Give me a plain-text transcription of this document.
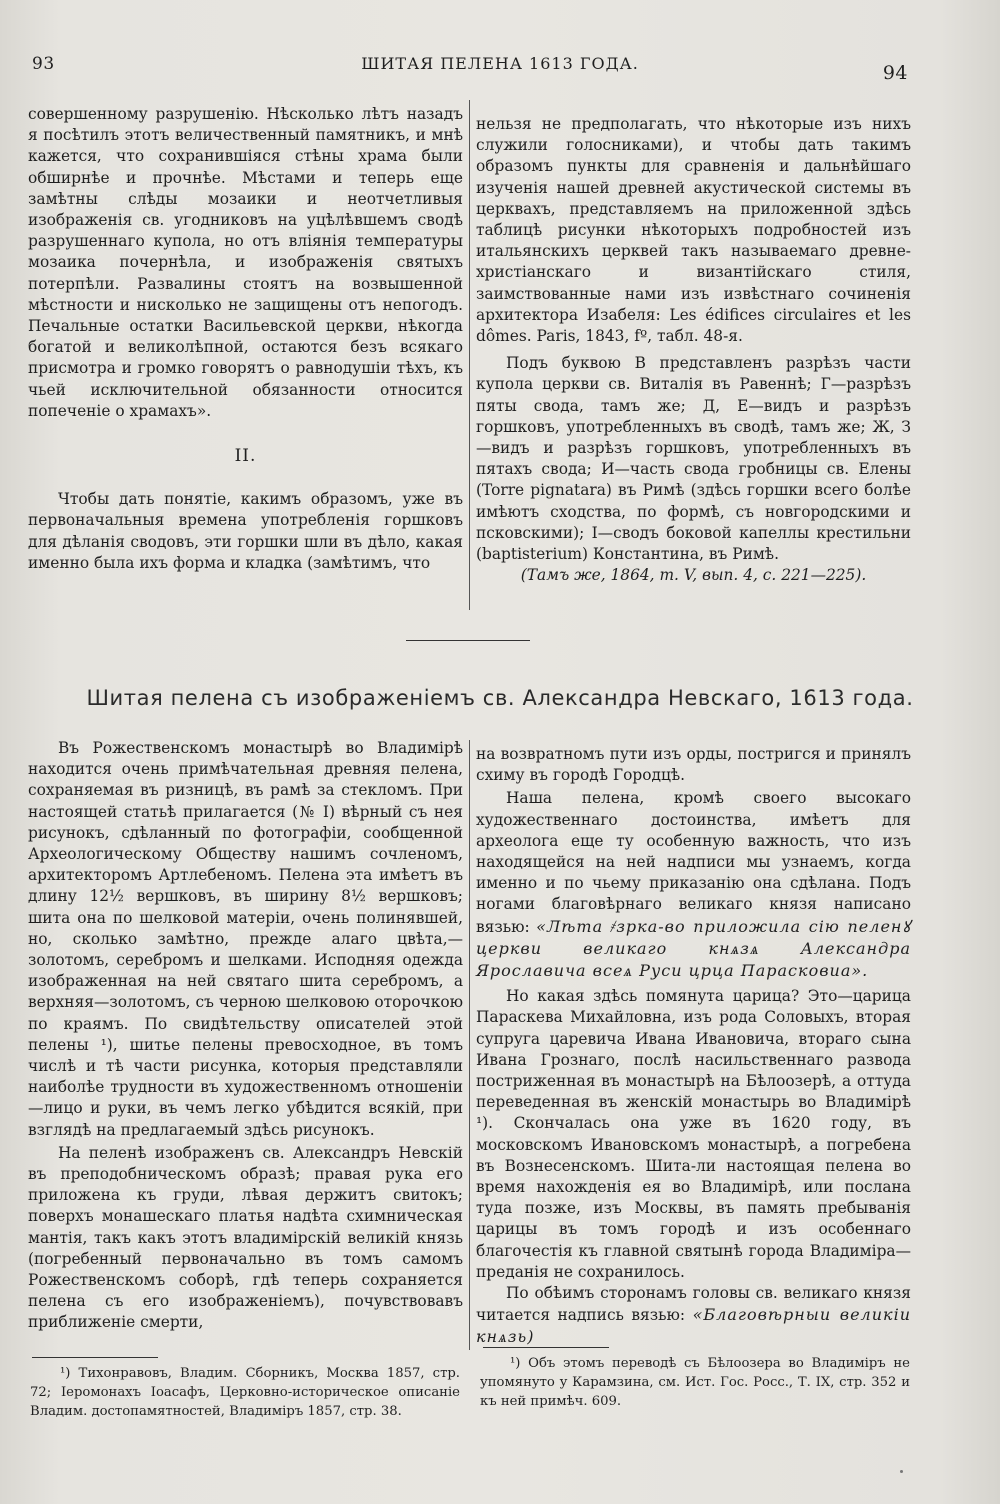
93	ШИТАЯ ПЕЛЕНА 1613 ГОДА.	94

совершенному разрушенію. Нѣсколько лѣтъ назадъ я посѣтилъ этотъ величественный памятникъ, и мнѣ кажется, что сохранившіяся стѣны храма были обширнѣе и прочнѣе. Мѣстами и теперь еще замѣтны слѣды мозаики и неотчетливыя изображенія св. угодниковъ на уцѣлѣвшемъ сводѣ разрушеннаго купола, но отъ вліянія температуры мозаика почернѣла, и изображенія святыхъ потерпѣли. Развалины стоятъ на возвышенной мѣстности и нисколько не защищены отъ непогодъ. Печальные остатки Васильевской церкви, нѣкогда богатой и великолѣпной, остаются безъ всякаго присмотра и громко говорятъ о равнодушіи тѣхъ, къ чьей исключительной обязанности относится попеченіе о храмахъ».

II.

Чтобы дать понятіе, какимъ образомъ, уже въ первоначальныя времена употребленія горшковъ для дѣланія сводовъ, эти горшки шли въ дѣло, какая именно была ихъ форма и кладка (замѣтимъ, что

нельзя не предполагать, что нѣкоторые изъ нихъ служили голосниками), и чтобы дать такимъ образомъ пункты для сравненія и дальнѣйшаго изученія нашей древней акустической системы въ церквахъ, представляемъ на приложенной здѣсь таблицѣ рисунки нѣкоторыхъ подробностей изъ итальянскихъ церквей такъ называемаго древне-христіанскаго и византійскаго стиля, заимствованные нами изъ извѣстнаго сочиненія архитектора Изабеля: Les édifices circulaires et les dômes. Paris, 1843, fº, табл. 48-я.

Подъ буквою В представленъ разрѣзъ части купола церкви св. Виталія въ Равеннѣ; Г—разрѣзъ пяты свода, тамъ же; Д, Е—видъ и разрѣзъ горшковъ, употребленныхъ въ сводѣ, тамъ же; Ж, З—видъ и разрѣзъ горшковъ, употребленныхъ въ пятахъ свода; И—часть свода гробницы св. Елены (Torre pignatara) въ Римѣ (здѣсь горшки всего болѣе имѣютъ сходства, по формѣ, съ новгородскими и псковскими); І—сводъ боковой капеллы крестильни (baptisterium) Константина, въ Римѣ.

(Тамъ же, 1864, т. V, вып. 4, с. 221—225).

Шитая пелена съ изображеніемъ св. Александра Невскаго, 1613 года.

Въ Рожественскомъ монастырѣ во Владимірѣ находится очень примѣчательная древняя пелена, сохраняемая въ ризницѣ, въ рамѣ за стекломъ. При настоящей статьѣ прилагается (№ I) вѣрный съ нея рисунокъ, сдѣланный по фотографіи, сообщенной Археологическому Обществу нашимъ сочленомъ, архитекторомъ Артлебеномъ. Пелена эта имѣетъ въ длину 12½ вершковъ, въ ширину 8½ вершковъ; шита она по шелковой матеріи, очень полинявшей, но, сколько замѣтно, прежде алаго цвѣта,—золотомъ, серебромъ и шелками. Исподняя одежда изображенная на ней святаго шита серебромъ, а верхняя—золотомъ, съ черною шелковою оторочкою по краямъ. По свидѣтельству описателей этой пелены ¹), шитье пелены превосходное, въ томъ числѣ и тѣ части рисунка, которыя представляли наиболѣе трудности въ художественномъ отношеніи—лицо и руки, въ чемъ легко убѣдится всякій, при взглядѣ на предлагаемый здѣсь рисунокъ.

На пеленѣ изображенъ св. Александръ Невскій въ преподобническомъ образѣ; правая рука его приложена къ груди, лѣвая держитъ свитокъ; поверхъ монашескаго платья надѣта схимническая мантія, такъ какъ этотъ владимірскій великій князь (погребенный первоначально въ томъ самомъ Рожественскомъ соборѣ, гдѣ теперь сохраняется пелена съ его изображеніемъ), почувствовавъ приближеніе смерти,

на возвратномъ пути изъ орды, постригся и принялъ схиму въ городѣ Городцѣ.

Наша пелена, кромѣ своего высокаго художественнаго достоинства, имѣетъ для археолога еще ту особенную важность, что изъ находящейся на ней надписи мы узнаемъ, когда именно и по чьему приказанію она сдѣлана. Подъ ногами благовѣрнаго великаго князя написано вязью: «Лѣта ҂зрка-во приложила сію пеленꙋ церкви великаго кнѧзѧ Александра Ярославича всеѧ Руси црца Парасковиа».

Но какая здѣсь помянута царица? Это—царица Параскева Михайловна, изъ рода Соловыхъ, вторая супруга царевича Ивана Ивановича, втораго сына Ивана Грознаго, послѣ насильственнаго развода постриженная въ монастырѣ на Бѣлоозерѣ, а оттуда переведенная въ женскій монастырь во Владимірѣ ¹). Скончалась она уже въ 1620 году, въ московскомъ Ивановскомъ монастырѣ, а погребена въ Вознесенскомъ. Шита-ли настоящая пелена во время нахожденія ея во Владимірѣ, или послана туда позже, изъ Москвы, въ память пребыванія царицы въ томъ городѣ и изъ особеннаго благочестія къ главной святынѣ города Владиміра—преданія не сохранилось.

По обѣимъ сторонамъ головы св. великаго князя читается надпись вязью: «Благовѣрныи великіи кнѧзь)

¹) Тихонравовъ, Владим. Сборникъ, Москва 1857, стр. 72; Іеромонахъ Іоасафъ, Церковно-историческое описаніе Владим. достопамятностей, Владиміръ 1857, стр. 38.

¹) Объ этомъ переводѣ съ Бѣлоозера во Владиміръ не упомянуто у Карамзина, см. Ист. Гос. Росс., Т. IX, стр. 352 и къ ней примѣч. 609.
